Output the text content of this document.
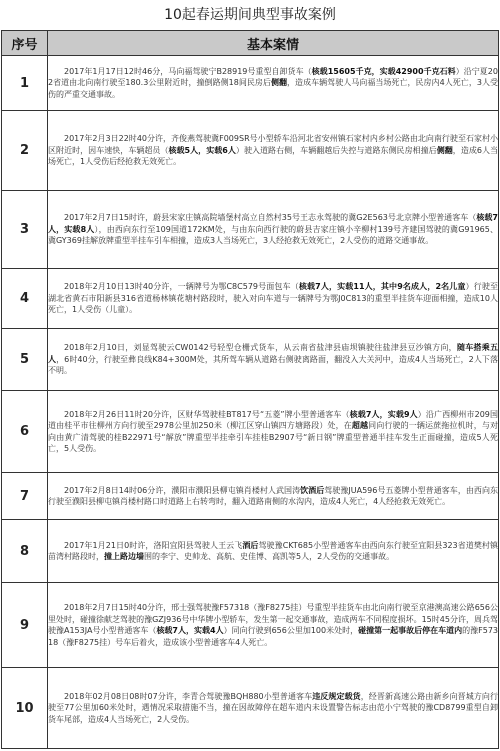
10起春运期间典型事故案例
序号	基本案情
1	2017年1月17日12时46分，马向福驾驶宁B28919号重型自卸货车（核载15605千克，实载42900千克石料）沿宁夏202省道由北向南行驶至180.3公里附近时，撞倒路侧18间民房后侧翻，造成车辆驾驶人马向福当场死亡，民房内4人死亡，3人受伤的严重交通事故。
2	2017年2月3日22时40分许，齐俊燕驾驶冀F009SR号小型轿车沿河北省安州镇石家村内乡村公路由北向南行驶至石家村小区附近时，因车速快，车辆超员（核载5人，实载6人）驶入道路右侧，车辆翻越后失控与道路东侧民房相撞后侧翻，造成6人当场死亡，1人受伤后经抢救无效死亡。
3	2017年2月7日15时许，蔚县宋家庄镇高院墙堡村高立自然村35号王志永驾驶的冀G2E563号北京牌小型普通客车（核载7人，实载8人），由西向东行至109国道172KM处，与由东向西行驶的蔚县吉家庄镇小辛柳村139号齐建国驾驶的冀G91965、冀GY369挂解放牌重型半挂车引车相撞，造成3人当场死亡，3人经抢救无效死亡，2人受伤的道路交通事故。
4	2018年2月10日13时40分许，一辆牌号为鄂C8C579号面包车（核载7人，实载11人，其中9名成人，2名儿童）行驶至湖北省黄石市阳新县316省道杨林镇花塘村路段时，驶入对向车道与一辆牌号为鄂J0C813的重型半挂货车迎面相撞，造成10人死亡，1人受伤（儿童）。
5	2018年2月10日，刘显驾驶云CW0142号轻型仓栅式货车，从云南省盐津县庙坝镇驶往盐津县豆沙镇方向，随车搭乘五人，6时40分，行驶至彝良线K84+300M处，其所驾车辆从道路右侧驶离路面，翻没入大关河中，造成4人当场死亡，2人下落不明。
6	2018年2月26日11时20分许，区财华驾驶桂BT817号“五菱”牌小型普通客车（核载7人，实载9人）沿广西柳州市209国道由桂平市往柳州方向行驶至2978公里加250米（柳江区穿山镇四方塘路段）处，在超越同向行驶的一辆运蔗拖拉机时，与对向由黄广清驾驶的桂B22971号“解放”牌重型半挂牵引车挂桂B2907号“新日钢”牌重型普通半挂车发生正面碰撞，造成5人死亡，5人受伤。
7	2017年2月8日14时06分许，濮阳市濮阳县柳屯镇肖楼村人武国涛饮酒后驾驶豫JUA596号五菱牌小型普通客车，由西向东行驶至濮阳县柳屯镇肖楼村路口时道路上右转弯时，翻入道路南侧的水沟内，造成4人死亡，4人经抢救无效死亡。
8	2017年1月21日0时许，洛阳宜阳县驾驶人王云飞酒后驾驶豫CKT685小型普通客车由西向东行驶至宜阳县323省道樊村镇苗湾村路段时，撞上路边墙围的李宁、史帅龙、高航、史佳博、高凯等5人，2人受伤的交通事故。
9	2018年2月7日15时40分许，邢士强驾驶豫F57318（豫F8275挂）号重型半挂货车由北向南行驶至京港澳高速公路656公里处时，碰撞徐献芝驾驶的豫GZJ936号中华牌小型轿车，发生第一起交通事故，造成两车不同程度损坏。15时45分许，周兵驾驶豫A153JA号小型普通客车（核载7人，实载4人）同向行驶到656公里加100米处时，碰撞第一起事故后停在车道内的豫F57318（豫F8275挂）号车后着火，造成该小型普通客车4人死亡。
10	2018年02月08日08时07分许，李青合驾驶豫BQH880小型普通客车违反规定载货，经晋新高速公路由新乡向晋城方向行驶至77公里加60米处时，遇情况采取措施不当，撞在因故障停在超车道内未设置警告标志由范小宁驾驶的豫CD8799重型自卸货车尾部，造成4人当场死亡，2人受伤。
